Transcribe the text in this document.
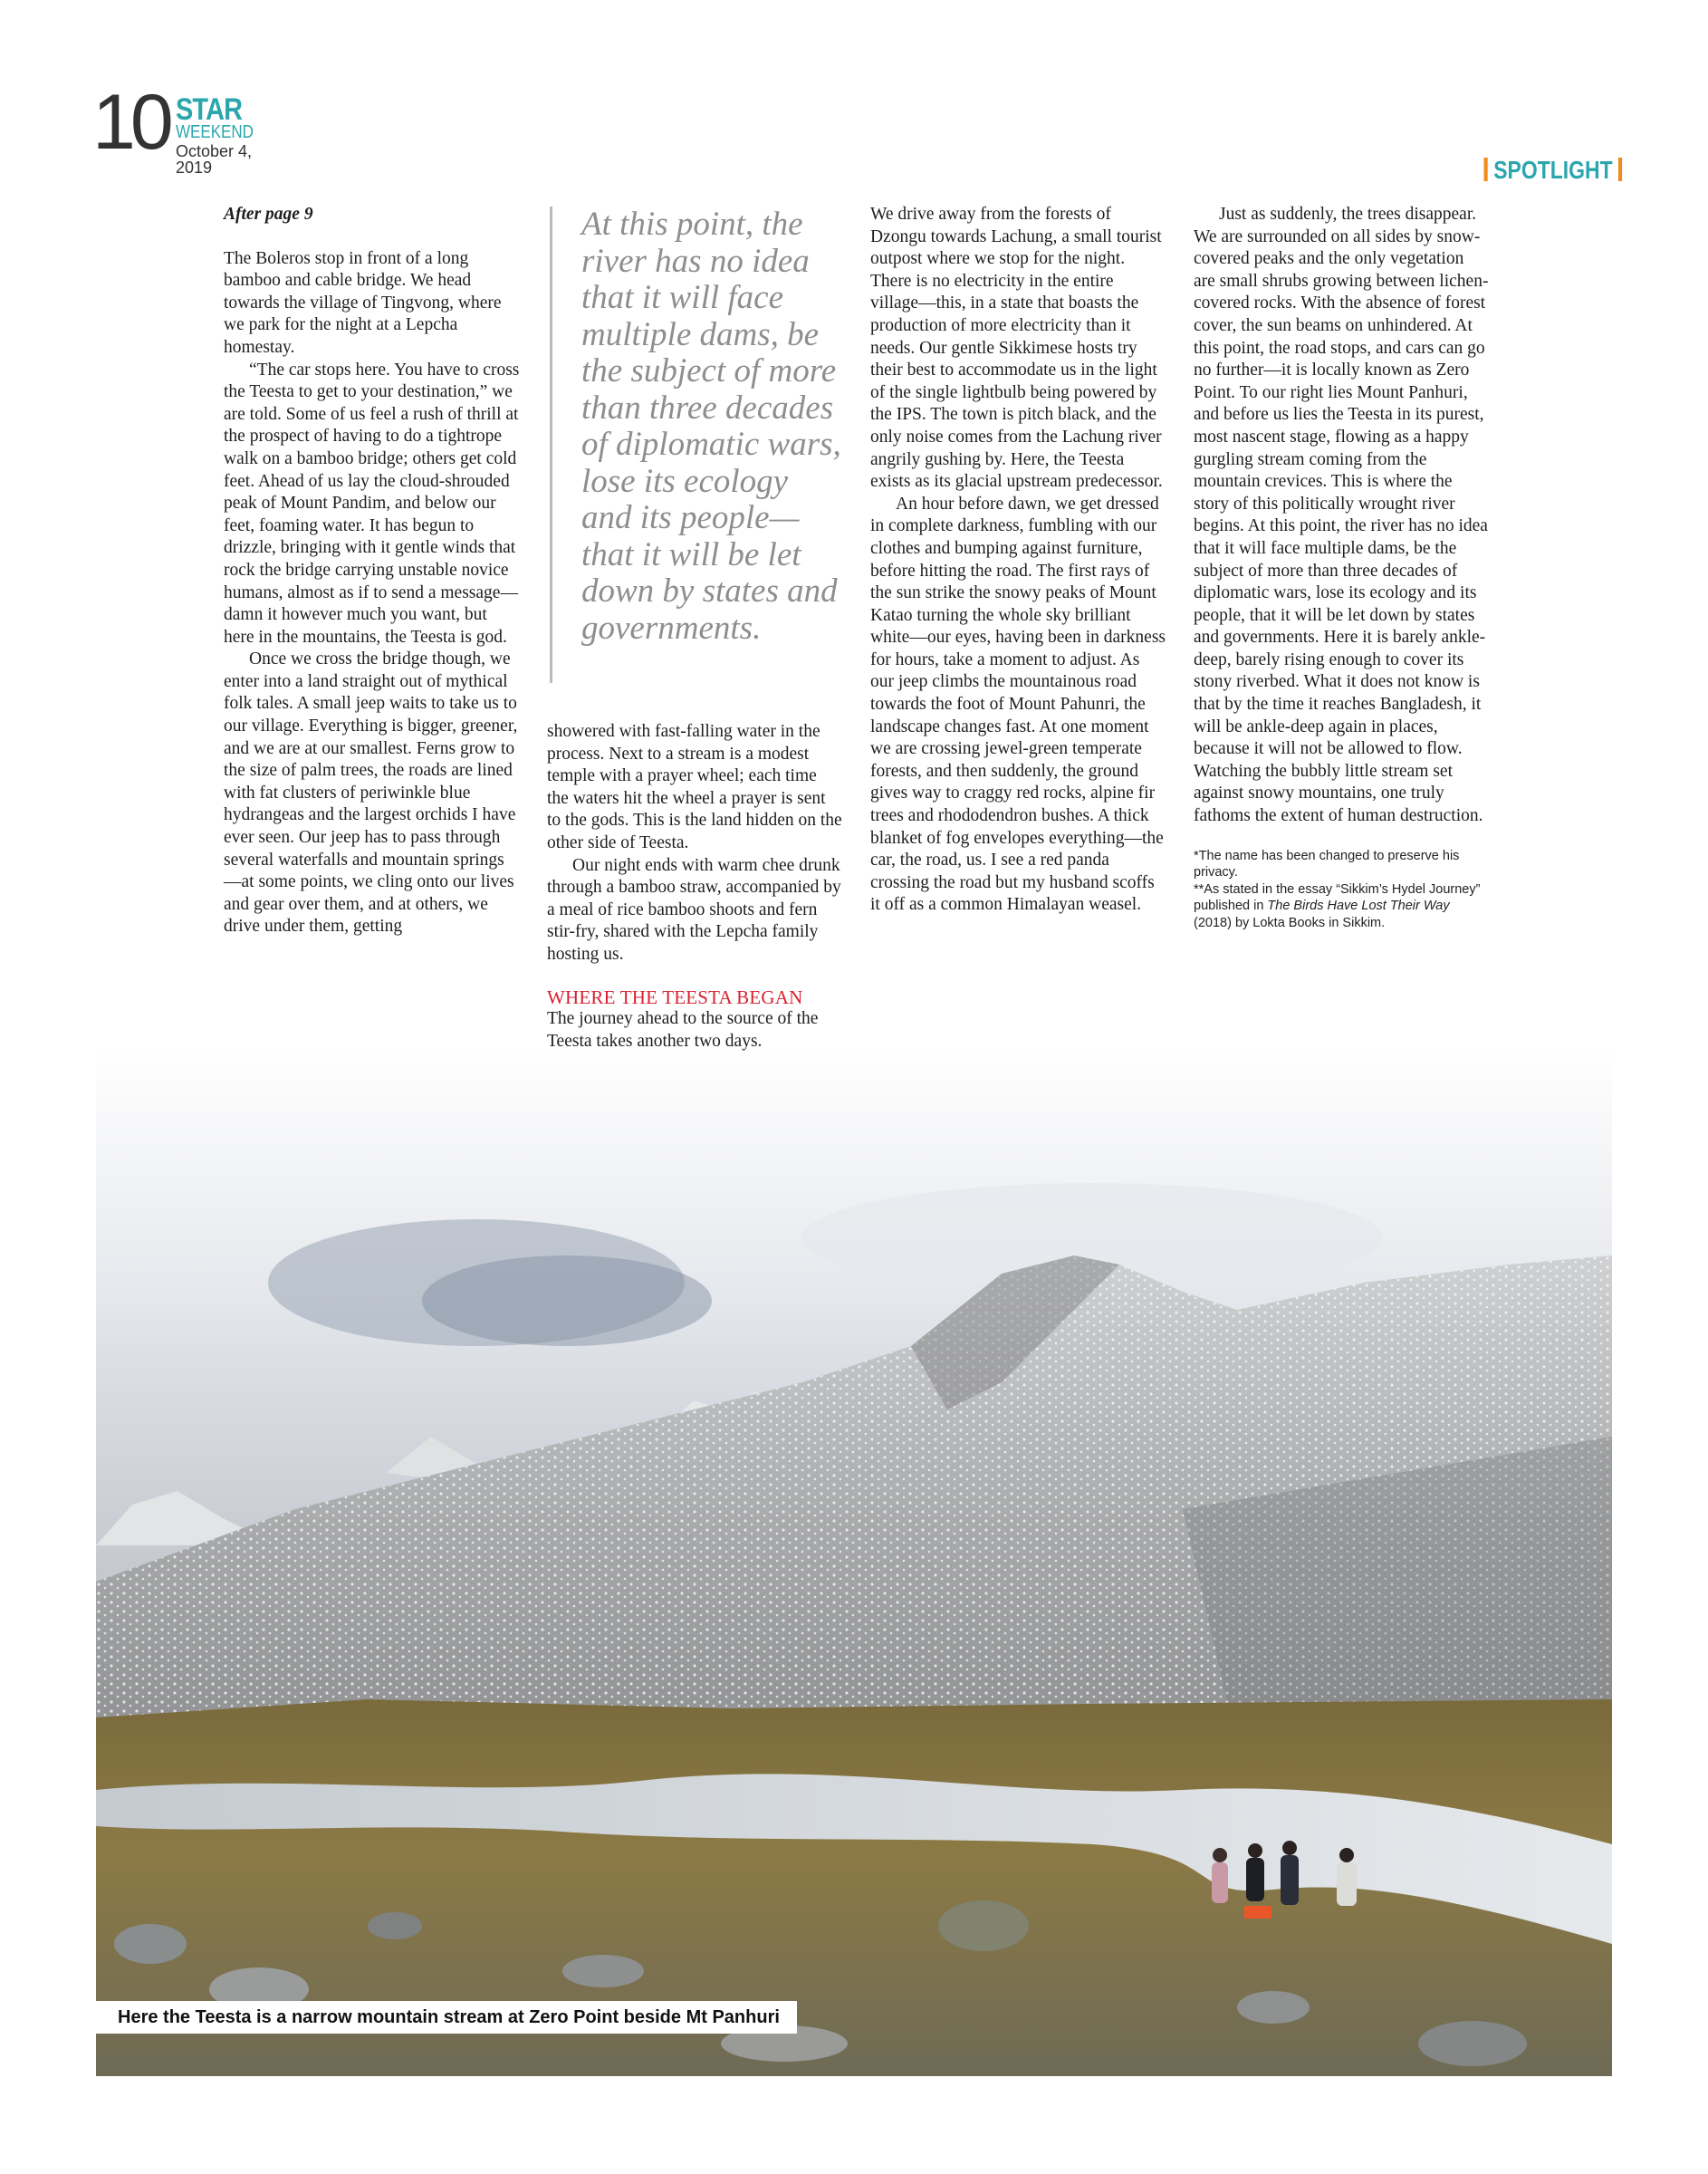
10 STAR
WEEKEND
October 4, 2019	SPOTLIGHT

After page 9

The Boleros stop in front of a long bamboo and cable bridge. We head towards the village of Tingvong, where we park for the night at a Lepcha homestay.

“The car stops here. You have to cross the Teesta to get to your destination,” we are told. Some of us feel a rush of thrill at the prospect of having to do a tightrope walk on a bamboo bridge; others get cold feet. Ahead of us lay the cloud-shrouded peak of Mount Pandim, and below our feet, foaming water. It has begun to drizzle, bringing with it gentle winds that rock the bridge carrying unstable novice humans, almost as if to send a message—damn it however much you want, but here in the mountains, the Teesta is god.

Once we cross the bridge though, we enter into a land straight out of mythical folk tales. A small jeep waits to take us to our village. Everything is bigger, greener, and we are at our smallest. Ferns grow to the size of palm trees, the roads are lined with fat clusters of periwinkle blue hydrangeas and the largest orchids I have ever seen. Our jeep has to pass through several waterfalls and mountain springs—at some points, we cling onto our lives and gear over them, and at others, we drive under them, getting

At this point, the river has no idea that it will face multiple dams, be the subject of more than three decades of diplomatic wars, lose its ecology and its people—that it will be let down by states and governments.

showered with fast-falling water in the process. Next to a stream is a modest temple with a prayer wheel; each time the waters hit the wheel a prayer is sent to the gods. This is the land hidden on the other side of Teesta.

Our night ends with warm chee drunk through a bamboo straw, accompanied by a meal of rice bamboo shoots and fern stir-fry, shared with the Lepcha family hosting us.

WHERE THE TEESTA BEGAN

The journey ahead to the source of the Teesta takes another two days.

We drive away from the forests of Dzongu towards Lachung, a small tourist outpost where we stop for the night. There is no electricity in the entire village—this, in a state that boasts the production of more electricity than it needs. Our gentle Sikkimese hosts try their best to accommodate us in the light of the single lightbulb being powered by the IPS. The town is pitch black, and the only noise comes from the Lachung river angrily gushing by. Here, the Teesta exists as its glacial upstream predecessor.

An hour before dawn, we get dressed in complete darkness, fumbling with our clothes and bumping against furniture, before hitting the road. The first rays of the sun strike the snowy peaks of Mount Katao turning the whole sky brilliant white—our eyes, having been in darkness for hours, take a moment to adjust. As our jeep climbs the mountainous road towards the foot of Mount Pahunri, the landscape changes fast. At one moment we are crossing jewel-green temperate forests, and then suddenly, the ground gives way to craggy red rocks, alpine fir trees and rhododendron bushes. A thick blanket of fog envelopes everything—the car, the road, us. I see a red panda crossing the road but my husband scoffs it off as a common Himalayan weasel.

Just as suddenly, the trees disappear. We are surrounded on all sides by snow-covered peaks and the only vegetation are small shrubs growing between lichen-covered rocks. With the absence of forest cover, the sun beams on unhindered. At this point, the road stops, and cars can go no further—it is locally known as Zero Point. To our right lies Mount Panhuri, and before us lies the Teesta in its purest, most nascent stage, flowing as a happy gurgling stream coming from the mountain crevices. This is where the story of this politically wrought river begins. At this point, the river has no idea that it will face multiple dams, be the subject of more than three decades of diplomatic wars, lose its ecology and its people, that it will be let down by states and governments. Here it is barely ankle-deep, barely rising enough to cover its stony riverbed. What it does not know is that by the time it reaches Bangladesh, it will be ankle-deep again in places, because it will not be allowed to flow. Watching the bubbly little stream set against snowy mountains, one truly fathoms the extent of human destruction.

*The name has been changed to preserve his privacy.

**As stated in the essay “Sikkim’s Hydel Journey” published in The Birds Have Lost Their Way (2018) by Lokta Books in Sikkim.

Here the Teesta is a narrow mountain stream at Zero Point beside Mt Panhuri
